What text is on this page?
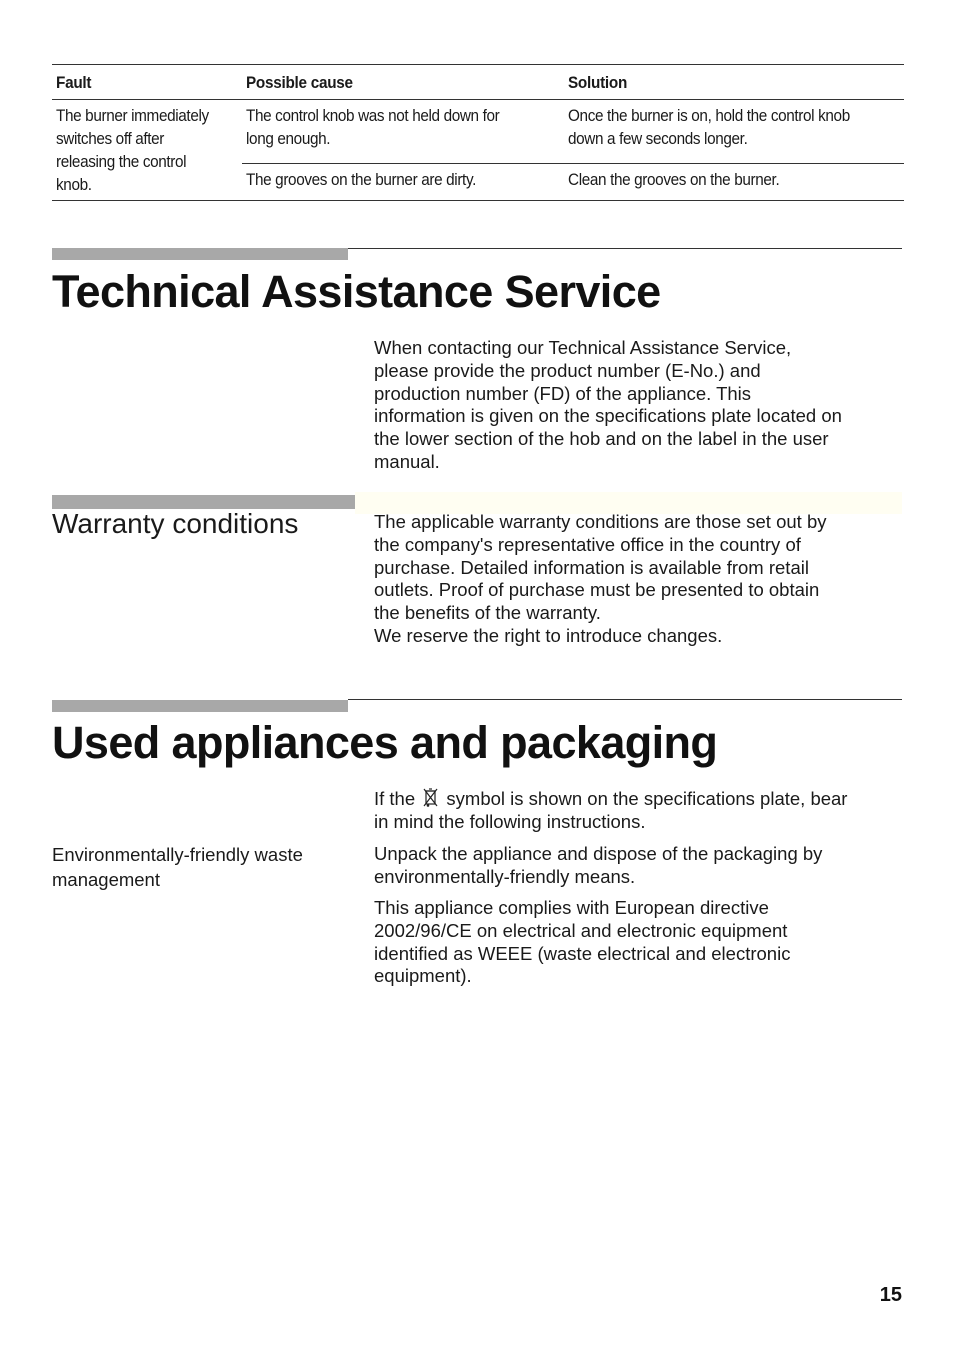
Fault	Possible cause	Solution
The burner immediately
switches off after
releasing the control
knob.	The control knob was not held down for
long enough.	Once the burner is on, hold the control knob
down a few seconds longer.
	The grooves on the burner are dirty.	Clean the grooves on the burner.
Technical Assistance Service

When contacting our Technical Assistance Service,
please provide the product number (E-No.) and
production number (FD) of the appliance. This
information is given on the specifications plate located on
the lower section of the hob and on the label in the user
manual.

Warranty conditions	The applicable warranty conditions are those set out by
the company's representative office in the country of
purchase. Detailed information is available from retail
outlets. Proof of purchase must be presented to obtain
the benefits of the warranty.
We reserve the right to introduce changes.

Used appliances and packaging

If the symbol is shown on the specifications plate, bear
in mind the following instructions.

Environmentally-friendly waste
management

Unpack the appliance and dispose of the packaging by
environmentally-friendly means.

This appliance complies with European directive
2002/96/CE on electrical and electronic equipment
identified as WEEE (waste electrical and electronic
equipment).

15
